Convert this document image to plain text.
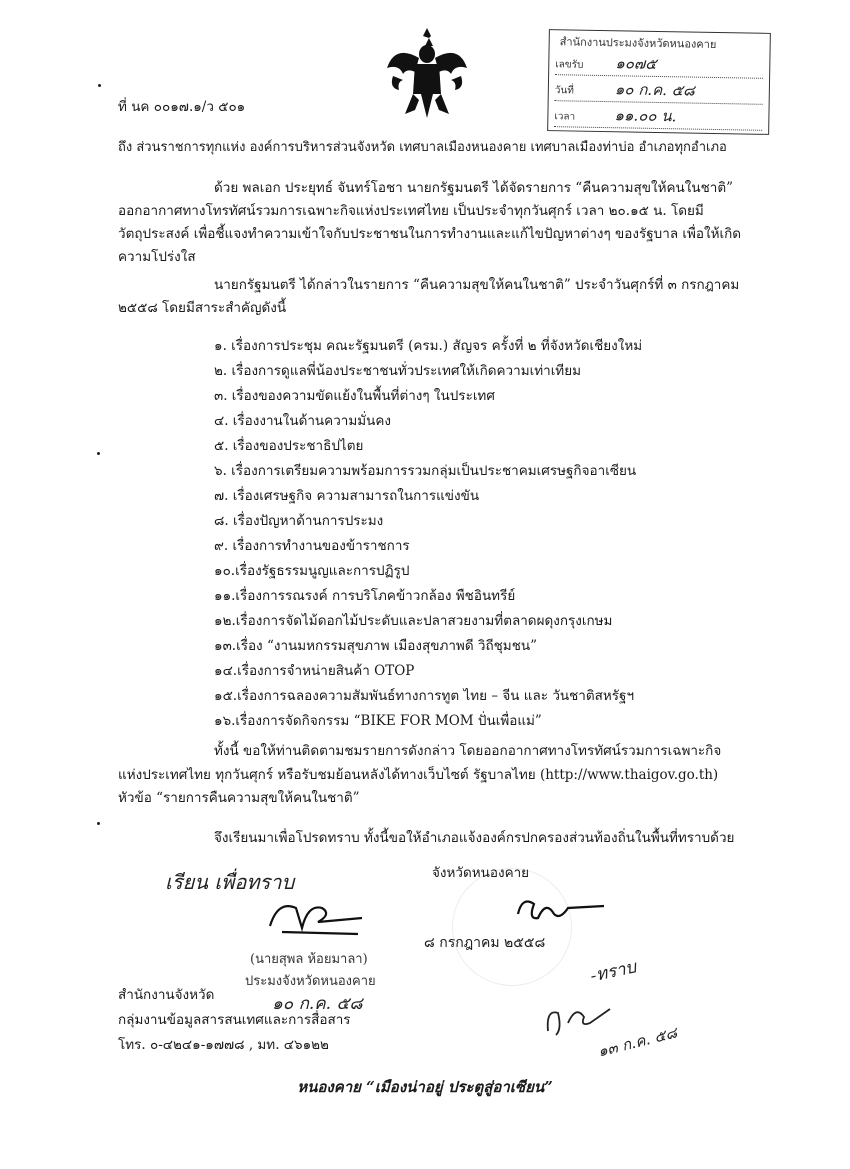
สำนักงานประมงจังหวัดหนองคาย
เลขรับ ๑๐๗๕
วันที่	๑๐ ก.ค. ๕๘
เวลา	๑๑.๐๐ น.
ที่ นค ๐๐๑๗.๑/ว ๕๐๑
ถึง ส่วนราชการทุกแห่ง องค์การบริหารส่วนจังหวัด เทศบาลเมืองหนองคาย เทศบาลเมืองท่าบ่อ อำเภอทุกอำเภอ
ด้วย พลเอก ประยุทธ์ จันทร์โอชา นายกรัฐมนตรี ได้จัดรายการ “คืนความสุขให้คนในชาติ”
ออกอากาศทางโทรทัศน์รวมการเฉพาะกิจแห่งประเทศไทย เป็นประจำทุกวันศุกร์ เวลา ๒๐.๑๕ น. โดยมี
วัตถุประสงค์ เพื่อชี้แจงทำความเข้าใจกับประชาชนในการทำงานและแก้ไขปัญหาต่างๆ ของรัฐบาล เพื่อให้เกิด
ความโปร่งใส
นายกรัฐมนตรี ได้กล่าวในรายการ “คืนความสุขให้คนในชาติ” ประจำวันศุกร์ที่ ๓ กรกฎาคม
๒๕๕๘ โดยมีสาระสำคัญดังนี้
๑. เรื่องการประชุม คณะรัฐมนตรี (ครม.) สัญจร ครั้งที่ ๒ ที่จังหวัดเชียงใหม่
๒. เรื่องการดูแลพี่น้องประชาชนทั่วประเทศให้เกิดความเท่าเทียม
๓. เรื่องของความขัดแย้งในพื้นที่ต่างๆ ในประเทศ
๔. เรื่องงานในด้านความมั่นคง
๕. เรื่องของประชาธิปไตย
๖. เรื่องการเตรียมความพร้อมการรวมกลุ่มเป็นประชาคมเศรษฐกิจอาเซียน
๗. เรื่องเศรษฐกิจ ความสามารถในการแข่งขัน
๘. เรื่องปัญหาด้านการประมง
๙. เรื่องการทำงานของข้าราชการ
๑๐.เรื่องรัฐธรรมนูญและการปฏิรูป
๑๑.เรื่องการรณรงค์ การบริโภคข้าวกล้อง พืชอินทรีย์
๑๒.เรื่องการจัดไม้ดอกไม้ประดับและปลาสวยงามที่ตลาดผดุงกรุงเกษม
๑๓.เรื่อง “งานมหกรรมสุขภาพ เมืองสุขภาพดี วิถีชุมชน”
๑๔.เรื่องการจำหน่ายสินค้า OTOP
๑๕.เรื่องการฉลองความสัมพันธ์ทางการทูต ไทย – จีน และ วันชาติสหรัฐฯ
๑๖.เรื่องการจัดกิจกรรม “BIKE FOR MOM ปั่นเพื่อแม่”
ทั้งนี้ ขอให้ท่านติดตามชมรายการดังกล่าว โดยออกอากาศทางโทรทัศน์รวมการเฉพาะกิจ
แห่งประเทศไทย ทุกวันศุกร์ หรือรับชมย้อนหลังได้ทางเว็บไซต์ รัฐบาลไทย (http://www.thaigov.go.th)
หัวข้อ “รายการคืนความสุขให้คนในชาติ”
จึงเรียนมาเพื่อโปรดทราบ ทั้งนี้ขอให้อำเภอแจ้งองค์กรปกครองส่วนท้องถิ่นในพื้นที่ทราบด้วย
เรียน เพื่อทราบ	จังหวัดหนองคาย
๘ กรกฎาคม ๒๕๕๘
(นายสุพล ห้อยมาลา)
ประมงจังหวัดหนองคาย
๑๐ ก.ค. ๕๘
สำนักงานจังหวัด
กลุ่มงานข้อมูลสารสนเทศและการสื่อสาร
โทร. ๐-๔๒๔๑-๑๗๗๘ , มท. ๔๖๑๒๒
-ทราบ
๑๓ ก.ค. ๕๘
หนองคาย “เมืองน่าอยู่ ประตูสู่อาเซียน”
